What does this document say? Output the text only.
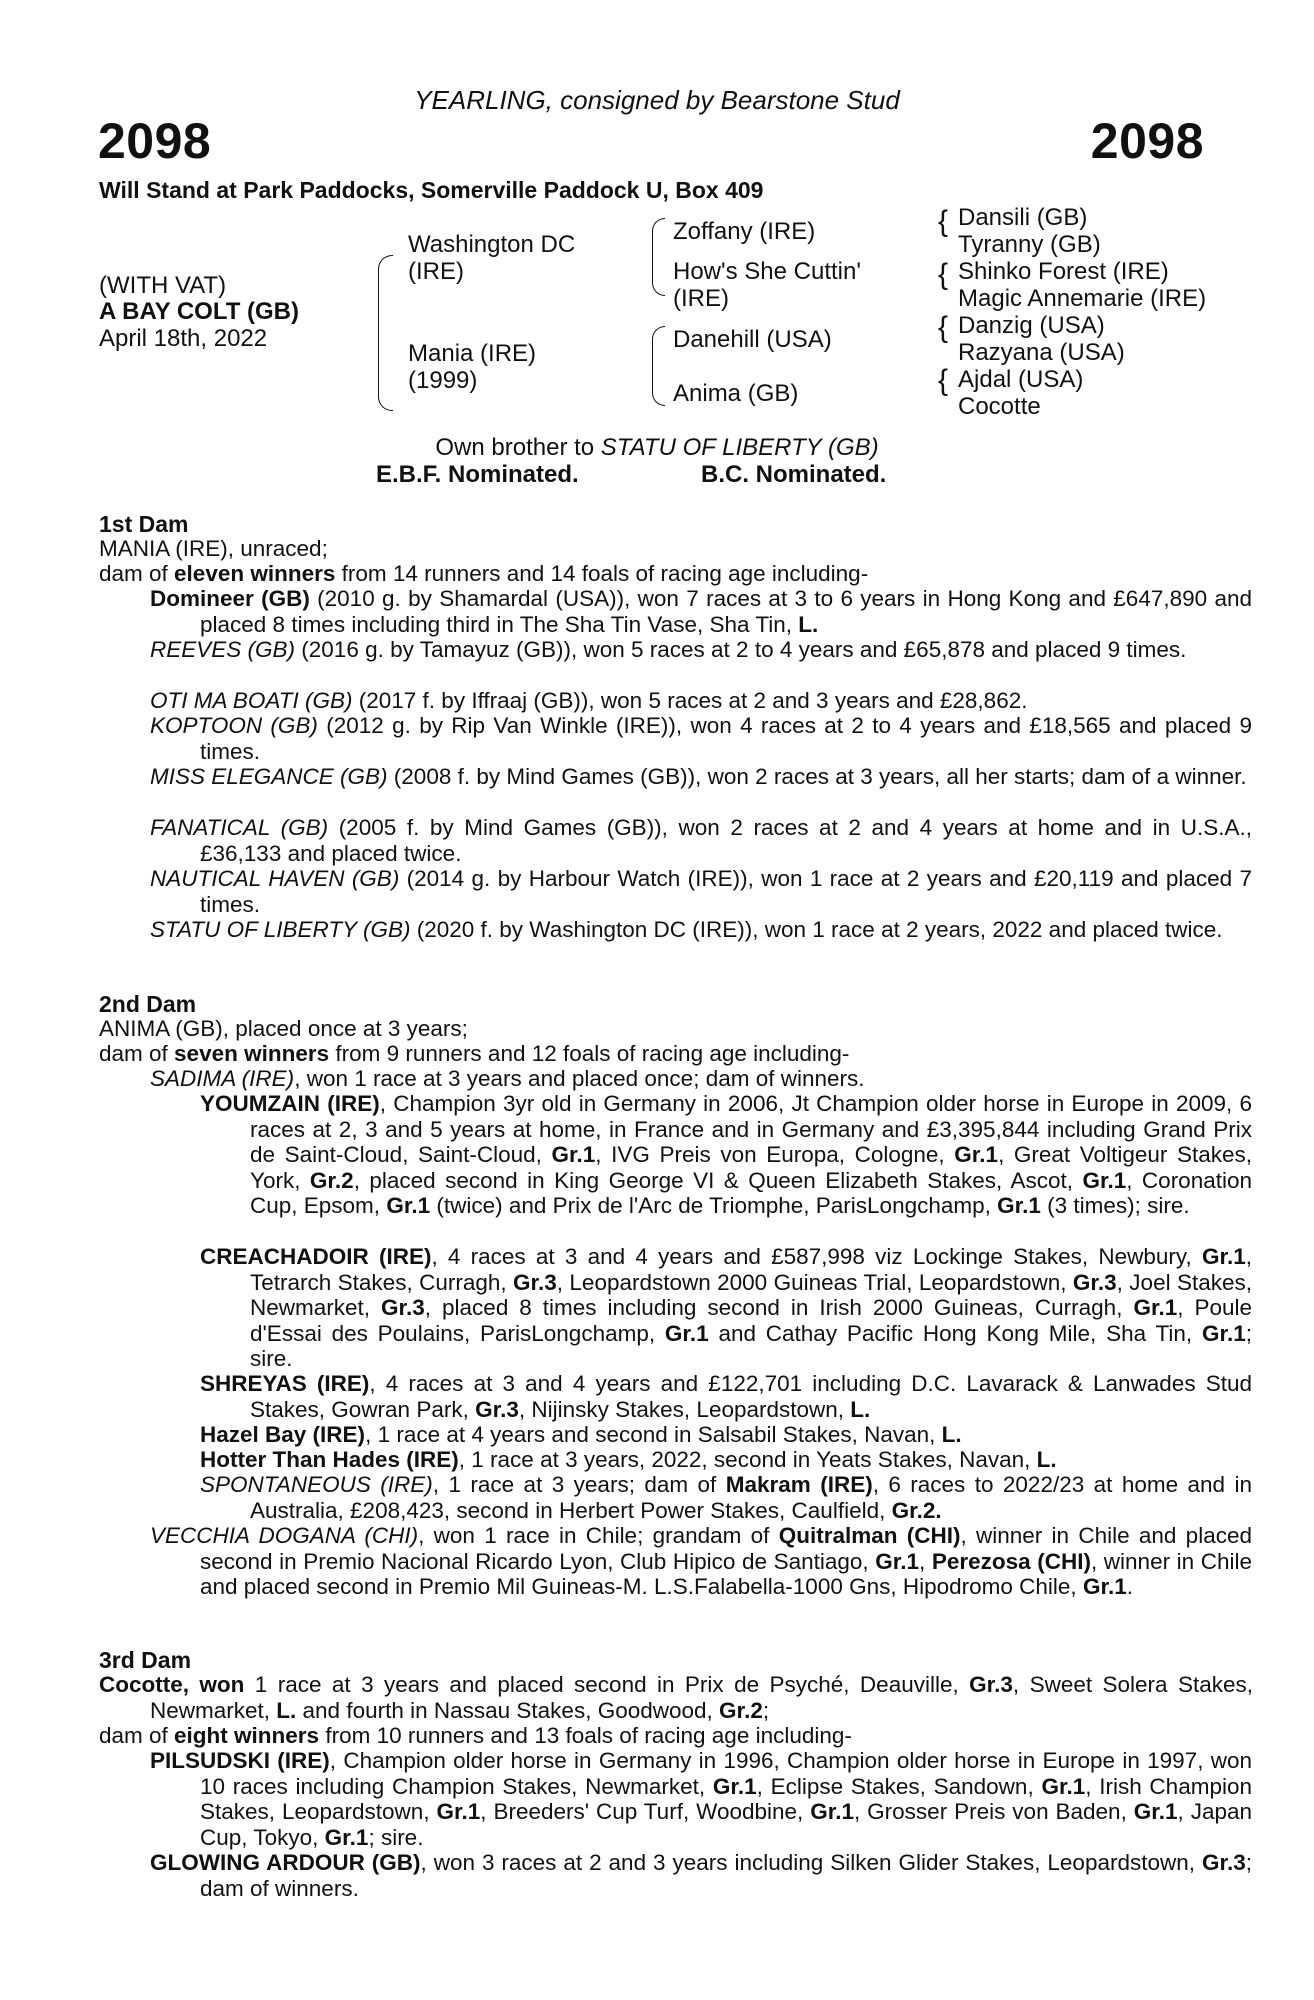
YEARLING, consigned by Bearstone Stud
2098	2098
Will Stand at Park Paddocks, Somerville Paddock U, Box 409
(WITH VAT)
A BAY COLT (GB)
April 18th, 2022
Washington DC
(IRE)
Mania (IRE)
(1999)
Zoffany (IRE)
How's She Cuttin'
(IRE)
Danehill (USA)
Anima (GB)
{
{
{
{
Dansili (GB)
Tyranny (GB)
Shinko Forest (IRE)
Magic Annemarie (IRE)
Danzig (USA)
Razyana (USA)
Ajdal (USA)
Cocotte
Own brother to STATU OF LIBERTY (GB)
E.B.F. Nominated.	B.C. Nominated.
1st Dam
MANIA (IRE), unraced;
dam of eleven winners from 14 runners and 14 foals of racing age including-
Domineer (GB) (2010 g. by Shamardal (USA)), won 7 races at 3 to 6 years in Hong Kong and £647,890 and placed 8 times including third in The Sha Tin Vase, Sha Tin, L.
REEVES (GB) (2016 g. by Tamayuz (GB)), won 5 races at 2 to 4 years and £65,878 and placed 9 times.
OTI MA BOATI (GB) (2017 f. by Iffraaj (GB)), won 5 races at 2 and 3 years and £28,862.
KOPTOON (GB) (2012 g. by Rip Van Winkle (IRE)), won 4 races at 2 to 4 years and £18,565 and placed 9 times.
MISS ELEGANCE (GB) (2008 f. by Mind Games (GB)), won 2 races at 3 years, all her starts; dam of a winner.
FANATICAL (GB) (2005 f. by Mind Games (GB)), won 2 races at 2 and 4 years at home and in U.S.A., £36,133 and placed twice.
NAUTICAL HAVEN (GB) (2014 g. by Harbour Watch (IRE)), won 1 race at 2 years and £20,119 and placed 7 times.
STATU OF LIBERTY (GB) (2020 f. by Washington DC (IRE)), won 1 race at 2 years, 2022 and placed twice.
2nd Dam
ANIMA (GB), placed once at 3 years;
dam of seven winners from 9 runners and 12 foals of racing age including-
SADIMA (IRE), won 1 race at 3 years and placed once; dam of winners.
YOUMZAIN (IRE), Champion 3yr old in Germany in 2006, Jt Champion older horse in Europe in 2009, 6 races at 2, 3 and 5 years at home, in France and in Germany and £3,395,844 including Grand Prix de Saint-Cloud, Saint-Cloud, Gr.1, IVG Preis von Europa, Cologne, Gr.1, Great Voltigeur Stakes, York, Gr.2, placed second in King George VI & Queen Elizabeth Stakes, Ascot, Gr.1, Coronation Cup, Epsom, Gr.1 (twice) and Prix de l'Arc de Triomphe, ParisLongchamp, Gr.1 (3 times); sire.
CREACHADOIR (IRE), 4 races at 3 and 4 years and £587,998 viz Lockinge Stakes, Newbury, Gr.1, Tetrarch Stakes, Curragh, Gr.3, Leopardstown 2000 Guineas Trial, Leopardstown, Gr.3, Joel Stakes, Newmarket, Gr.3, placed 8 times including second in Irish 2000 Guineas, Curragh, Gr.1, Poule d'Essai des Poulains, ParisLongchamp, Gr.1 and Cathay Pacific Hong Kong Mile, Sha Tin, Gr.1; sire.
SHREYAS (IRE), 4 races at 3 and 4 years and £122,701 including D.C. Lavarack & Lanwades Stud Stakes, Gowran Park, Gr.3, Nijinsky Stakes, Leopardstown, L.
Hazel Bay (IRE), 1 race at 4 years and second in Salsabil Stakes, Navan, L.
Hotter Than Hades (IRE), 1 race at 3 years, 2022, second in Yeats Stakes, Navan, L.
SPONTANEOUS (IRE), 1 race at 3 years; dam of Makram (IRE), 6 races to 2022/23 at home and in Australia, £208,423, second in Herbert Power Stakes, Caulfield, Gr.2.
VECCHIA DOGANA (CHI), won 1 race in Chile; grandam of Quitralman (CHI), winner in Chile and placed second in Premio Nacional Ricardo Lyon, Club Hipico de Santiago, Gr.1, Perezosa (CHI), winner in Chile and placed second in Premio Mil Guineas-M. L.S.Falabella-1000 Gns, Hipodromo Chile, Gr.1.
3rd Dam
Cocotte, won 1 race at 3 years and placed second in Prix de Psyché, Deauville, Gr.3, Sweet Solera Stakes, Newmarket, L. and fourth in Nassau Stakes, Goodwood, Gr.2;
dam of eight winners from 10 runners and 13 foals of racing age including-
PILSUDSKI (IRE), Champion older horse in Germany in 1996, Champion older horse in Europe in 1997, won 10 races including Champion Stakes, Newmarket, Gr.1, Eclipse Stakes, Sandown, Gr.1, Irish Champion Stakes, Leopardstown, Gr.1, Breeders' Cup Turf, Woodbine, Gr.1, Grosser Preis von Baden, Gr.1, Japan Cup, Tokyo, Gr.1; sire.
GLOWING ARDOUR (GB), won 3 races at 2 and 3 years including Silken Glider Stakes, Leopardstown, Gr.3; dam of winners.
